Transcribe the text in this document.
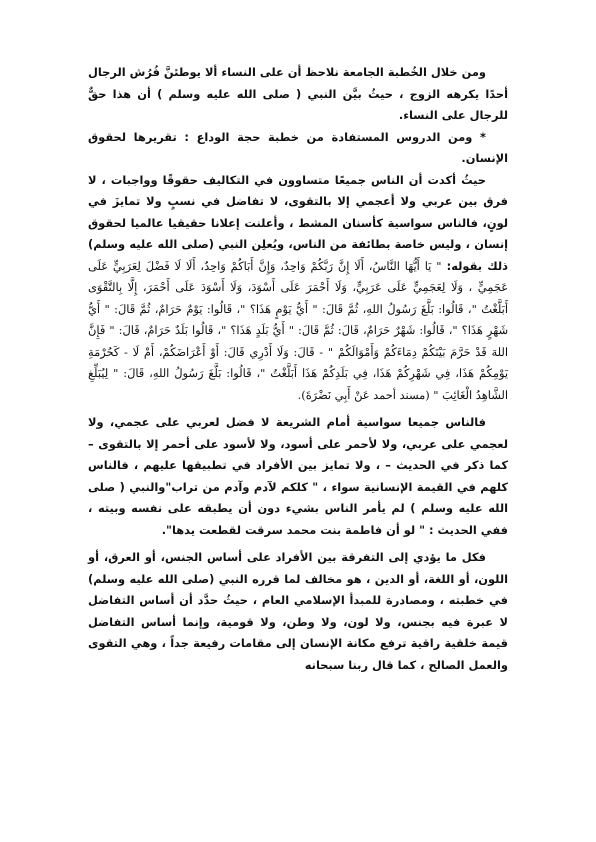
ومن خلال الخُطبة الجامعة نلاحظ أن على النساء ألا يوطئنَّ فُرُش الرجال أحدًا يكرهه الزوج ، حيثُ بيَّن النبي ( صلى الله عليه وسلم ) أن هذا حقٌّ للرجال على النساء.

* ومن الدروس المستفادة من خطبة حجة الوداع : تقريرها لحقوق الإنسان.

حيثُ أكدت أن الناس جميعًا متساوون في التكاليف حقوقًا وواجبات ، لا فرق بين عربي ولا أعجمي إلا بالتقوى، لا تفاضل في نسبٍ ولا تمايزَ في لونٍ، فالناس سواسية كأسنان المشط ، وأعلنت إعلانا حقيقيا عالميا لحقوق إنسان ، وليس خاصة بطائفة من الناس، ويُعلِن النبي (صلى الله عليه وسلم) ذلك بقوله: " يَا أَيُّهَا النَّاسُ، أَلَا إِنَّ رَبَّكُمْ وَاحِدٌ، وَإِنَّ أَبَاكُمْ وَاحِدٌ، أَلَا لَا فَضْلَ لِعَرَبِيٍّ عَلَى عَجَمِيٍّ ، وَلَا لِعَجَمِيٍّ عَلَى عَرَبِيٍّ، وَلَا أَحْمَرَ عَلَى أَسْوَدَ، وَلَا أَسْوَدَ عَلَى أَحْمَرَ، إِلَّا بِالتَّقْوَى أَبَلَّغْتُ "، قَالُوا: بَلَّغَ رَسُولُ اللهِ، ثُمَّ قَالَ: " أَيُّ يَوْمٍ هَذَا؟ "، قَالُوا: يَوْمٌ حَرَامٌ، ثُمَّ قَالَ: " أَيُّ شَهْرٍ هَذَا؟ "، قَالُوا: شَهْرٌ حَرَامٌ، قَالَ: ثُمَّ قَالَ: " أَيُّ بَلَدٍ هَذَا؟ "، قَالُوا بَلَدٌ حَرَامٌ، قَالَ: " فَإِنَّ اللهَ قَدْ حَرَّمَ بَيْنَكُمْ دِمَاءَكُمْ وَأَمْوَالَكُمْ " - قَالَ: وَلَا أَدْرِي قَالَ: أَوْ أَعْرَاضَكُمْ، أَمْ لَا - كَحُرْمَةِ يَوْمِكُمْ هَذَا، فِي شَهْرِكُمْ هَذَا، فِي بَلَدِكُمْ هَذَا أَبَلَّغْتُ "، قَالُوا: بَلَّغَ رَسُولُ اللهِ، قَالَ: " لِيُبَلِّغِ الشَّاهِدُ الْغَائِبَ " (مسند أحمد عَنْ أَبِي نَضْرَةَ).

فالناس جميعا سواسية أمام الشريعة لا فضل لعربي على عجمي، ولا لعجمي على عربي، ولا لأحمر على أسود، ولا لأسود على أحمر إلا بالتقوى – كما ذكر في الحديث – ، ولا تمايز بين الأفراد في تطبيقها عليهم ، فالناس كلهم في القيمة الإنسانية سواء ، " كلكم لآدم وآدم من تراب"والنبي ( صلى الله عليه وسلم ) لم يأمر الناس بشيء دون أن يطبقه على نفسه وبيته ، ففي الحديث : " لو أن فاطمة بنت محمد سرقت لقطعت يدها".

فكل ما يؤدي إلى التفرقة بين الأفراد على أساس الجنس، أو العرق، أو اللون، أو اللغة، أو الدين ، هو مخالف لما قرره النبي (صلى الله عليه وسلم) في خطبته ، ومصادرة للمبدأ الإسلامي العام ، حيثُ حدَّد أن أساس التفاضل لا عبرة فيه بجنس، ولا لون، ولا وطن، ولا قومية، وإنما أساس التفاضل قيمة خلقية راقية ترفع مكانة الإنسان إلى مقامات رفيعة جداً ، وهي التقوى والعمل الصالح ، كما قال ربنا سبحانه
